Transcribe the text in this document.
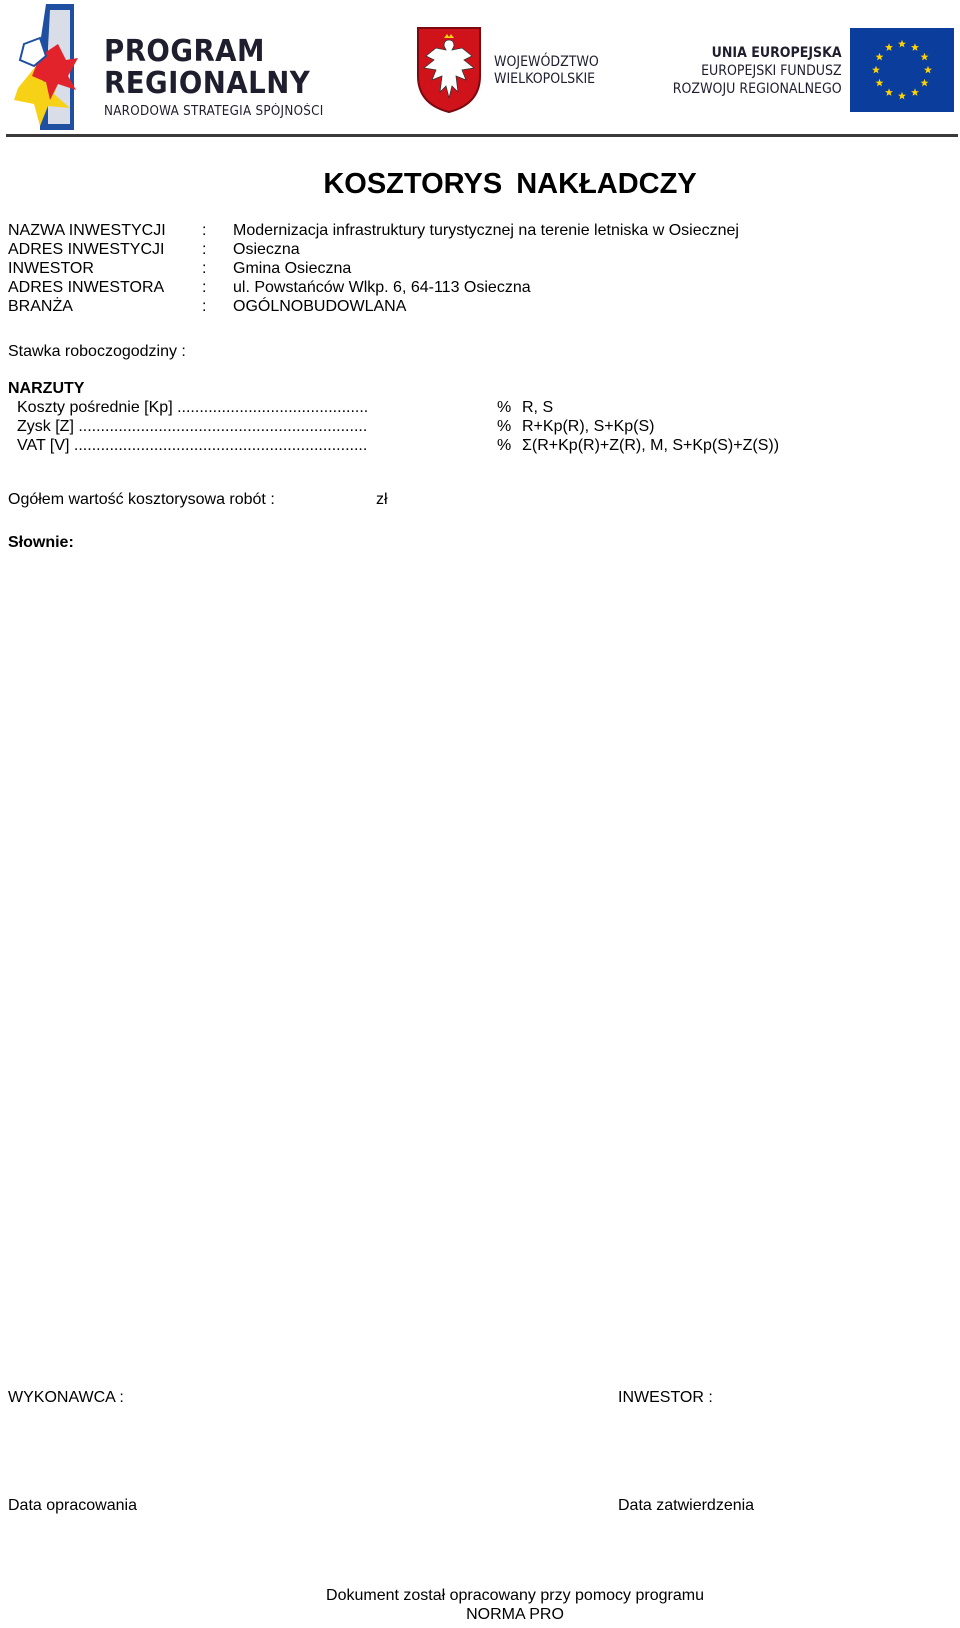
PROGRAM
REGIONALNY
NARODOWA STRATEGIA SPÓJNOŚCI
WOJEWÓDZTWO
WIELKOPOLSKIE
UNIA EUROPEJSKA
EUROPEJSKI FUNDUSZ
ROZWOJU REGIONALNEGO
KOSZTORYS NAKŁADCZY
NAZWA INWESTYCJI : Modernizacja infrastruktury turystycznej na terenie letniska w Osiecznej
ADRES INWESTYCJI : Osieczna
INWESTOR	: Gmina Osieczna
ADRES INWESTORA : ul. Powstańców Wlkp. 6, 64-113 Osieczna
BRANŻA	: OGÓLNOBUDOWLANA
Stawka roboczogodziny :
NARZUTY
Koszty pośrednie [Kp] ...........................................	% R, S
Zysk [Z] .................................................................	% R+Kp(R), S+Kp(S)
VAT [V] ..................................................................	% Σ(R+Kp(R)+Z(R), M, S+Kp(S)+Z(S))
Ogółem wartość kosztorysowa robót :	zł
Słownie:
WYKONAWCA :	INWESTOR :
Data opracowania	Data zatwierdzenia
Dokument został opracowany przy pomocy programu
NORMA PRO
